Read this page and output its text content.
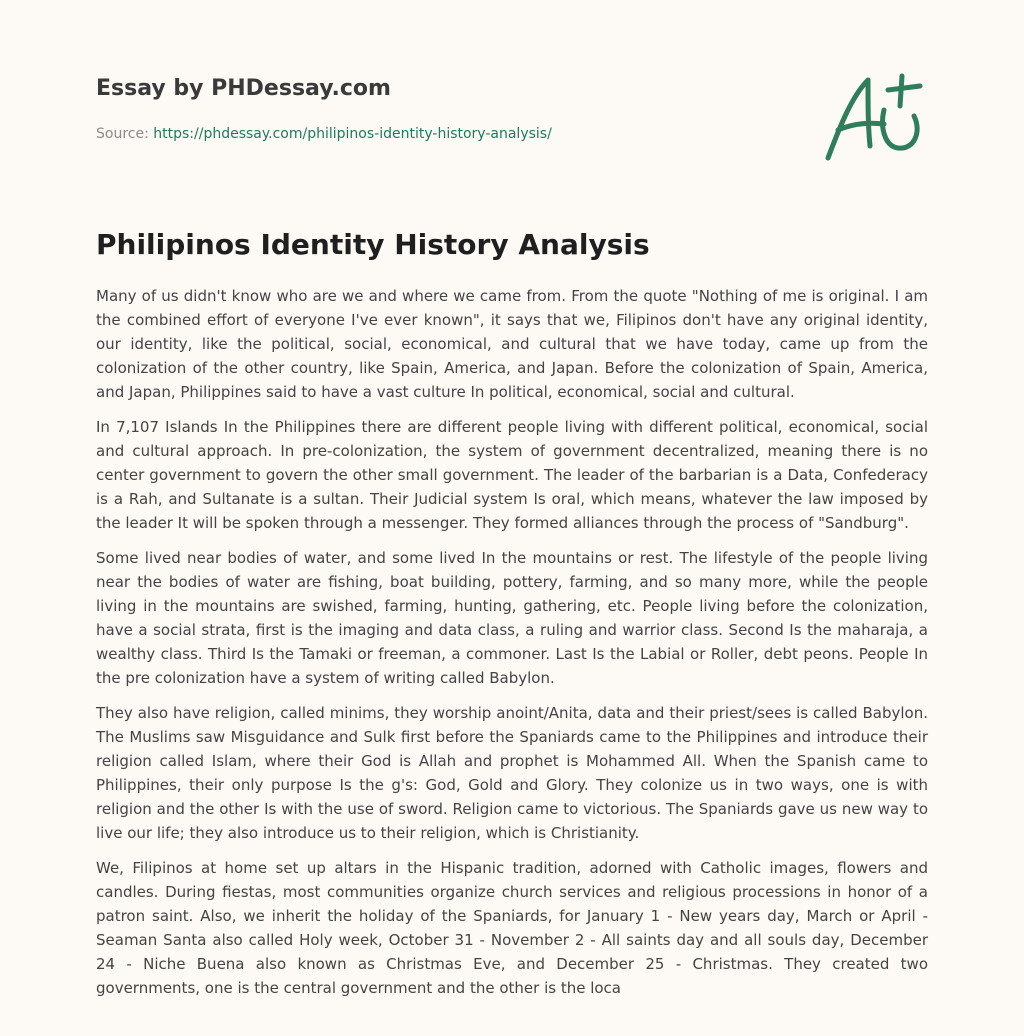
Essay by PHDessay.com
Source: https://phdessay.com/philipinos-identity-history-analysis/
Philipinos Identity History Analysis

Many of us didn't know who are we and where we came from. From the quote "Nothing of me is original. I am the combined effort of everyone I've ever known", it says that we, Filipinos don't have any original identity, our identity, like the political, social, economical, and cultural that we have today, came up from the colonization of the other country, like Spain, America, and Japan. Before the colonization of Spain, America, and Japan, Philippines said to have a vast culture In political, economical, social and cultural.

In 7,107 Islands In the Philippines there are different people living with different political, economical, social and cultural approach. In pre-colonization, the system of government decentralized, meaning there is no center government to govern the other small government. The leader of the barbarian is a Data, Confederacy is a Rah, and Sultanate is a sultan. Their Judicial system Is oral, which means, whatever the law imposed by the leader It will be spoken through a messenger. They formed alliances through the process of "Sandburg".

Some lived near bodies of water, and some lived In the mountains or rest. The lifestyle of the people living near the bodies of water are fishing, boat building, pottery, farming, and so many more, while the people living in the mountains are swished, farming, hunting, gathering, etc. People living before the colonization, have a social strata, first is the imaging and data class, a ruling and warrior class. Second Is the maharaja, a wealthy class. Third Is the Tamaki or freeman, a commoner. Last Is the Labial or Roller, debt peons. People In the pre colonization have a system of writing called Babylon.

They also have religion, called minims, they worship anoint/Anita, data and their priest/sees is called Babylon. The Muslims saw Misguidance and Sulk first before the Spaniards came to the Philippines and introduce their religion called Islam, where their God is Allah and prophet is Mohammed All. When the Spanish came to Philippines, their only purpose Is the g's: God, Gold and Glory. They colonize us in two ways, one is with religion and the other Is with the use of sword. Religion came to victorious. The Spaniards gave us new way to live our life; they also introduce us to their religion, which is Christianity.

We, Filipinos at home set up altars in the Hispanic tradition, adorned with Catholic images, flowers and candles. During fiestas, most communities organize church services and religious processions in honor of a patron saint. Also, we inherit the holiday of the Spaniards, for January 1 - New years day, March or April - Seaman Santa also called Holy week, October 31 - November 2 - All saints day and all souls day, December 24 - Niche Buena also known as Christmas Eve, and December 25 - Christmas. They created two governments, one is the central government and the other is the loca
